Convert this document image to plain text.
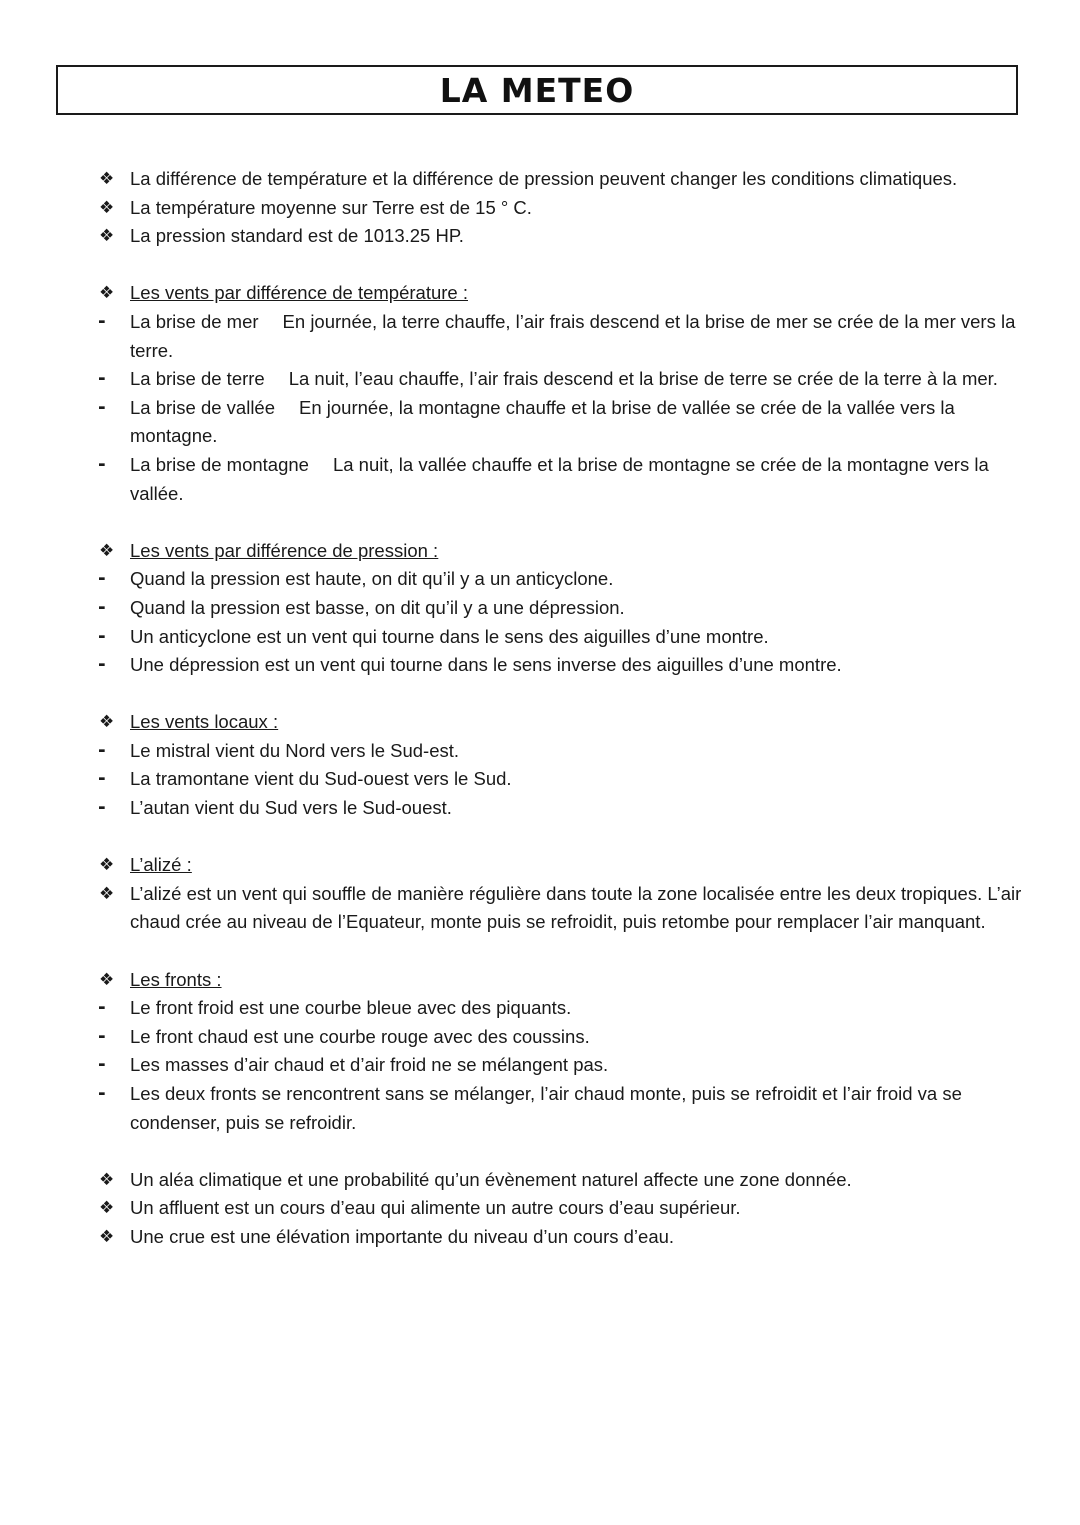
LA METEO
❖ La différence de température et la différence de pression peuvent changer les conditions climatiques.
❖ La température moyenne sur Terre est de 15 ° C.
❖ La pression standard est de 1013.25 HP.
❖ Les vents par différence de température :
-	La brise de mer En journée, la terre chauffe, l’air frais descend et la brise de mer se crée de la mer vers la terre.
-	La brise de terre La nuit, l’eau chauffe, l’air frais descend et la brise de terre se crée de la terre à la mer.
-	La brise de vallée En journée, la montagne chauffe et la brise de vallée se crée de la vallée vers la montagne.
-	La brise de montagne La nuit, la vallée chauffe et la brise de montagne se crée de la montagne vers la vallée.
❖ Les vents par différence de pression :
-	Quand la pression est haute, on dit qu’il y a un anticyclone.
-	Quand la pression est basse, on dit qu’il y a une dépression.
-	Un anticyclone est un vent qui tourne dans le sens des aiguilles d’une montre.
-	Une dépression est un vent qui tourne dans le sens inverse des aiguilles d’une montre.
❖ Les vents locaux :
-	Le mistral vient du Nord vers le Sud-est.
-	La tramontane vient du Sud-ouest vers le Sud.
-	L’autan vient du Sud vers le Sud-ouest.
❖ L’alizé :
❖ L’alizé est un vent qui souffle de manière régulière dans toute la zone localisée entre les deux tropiques. L’air chaud crée au niveau de l’Equateur, monte puis se refroidit, puis retombe pour remplacer l’air manquant.
❖ Les fronts :
-	Le front froid est une courbe bleue avec des piquants.
-	Le front chaud est une courbe rouge avec des coussins.
-	Les masses d’air chaud et d’air froid ne se mélangent pas.
-	Les deux fronts se rencontrent sans se mélanger, l’air chaud monte, puis se refroidit et l’air froid va se condenser, puis se refroidir.
❖ Un aléa climatique et une probabilité qu’un évènement naturel affecte une zone donnée.
❖ Un affluent est un cours d’eau qui alimente un autre cours d’eau supérieur.
❖ Une crue est une élévation importante du niveau d’un cours d’eau.
